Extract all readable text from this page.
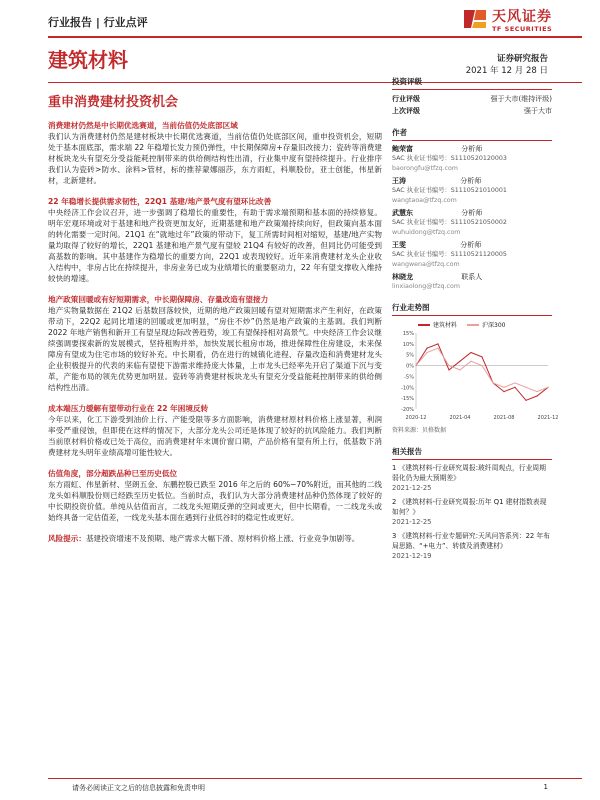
行业报告 | 行业点评	天风证券
TF SECURITIES
建筑材料	证券研究报告
2021 年 12 月 28 日
重申消费建材投资机会
消费建材仍然是中长期优选赛道，当前估值仍处底部区域
我们认为消费建材仍然是建材板块中长期优选赛道，当前估值仍处底部区间，重申投资机会，短期处于基本面底部，需求端 22 年稳增长发力预仍弹性，中长期保障房+存量旧改接力；瓷砖等消费建材板块龙头有望充分受益能耗控制带来的供给侧结构性出清，行业集中度有望持续提升。行业排序我们认为瓷砖>防水、涂料>管材，标的推荐蒙娜丽莎，东方雨虹，科顺股份，亚士创能，伟星新材，北新建材。
22 年稳增长提供需求韧性，22Q1 基建/地产景气度有望环比改善
中央经济工作会议召开，进一步强调了稳增长的重要性，有助于需求端预期和基本面的持续修复。明年宏观环境或对于基建和地产投资更加友好，近期基建和地产政策端持续向好，但政策向基本面的转化需要一定时间。21Q1 在“就地过年”政策的带动下，复工所需时间相对缩短，基建/地产实物量均取得了较好的增长，22Q1 基建和地产景气度有望较 21Q4 有较好的改善，但同比仍可能受到高基数的影响。其中基建作为稳增长的重要方向，22Q1 或表现较好。近年来消费建材龙头企业收入结构中，非房占比在持续提升，非房业务已成为业绩增长的重要驱动力，22 年有望支撑收入维持较快的增速。
地产政策回暖或有好短期需求，中长期保障房、存量改造有望接力
地产实物量数据在 21Q2 后基数回落较快，近期的地产政策回暖有望对短期需求产生利好，在政策带动下，22Q2 起同比增速的回暖或更加明显，“房住不炒”仍然是地产政策的主基调。我们判断 2022 年地产销售和新开工有望呈现边际改善趋势，竣工有望保持相对高景气。中央经济工作会议继续强调要探索新的发展模式，坚持租购并举，加快发展长租房市场，推进保障性住房建设，未来保障房有望成为住宅市场的较好补充。中长期看，仍在进行的城镇化进程、存量改造和消费建材龙头企业积极提升的代表的来临有望使下游需求维持庞大体量，上市龙头已经率先开启了渠道下沉与变革，产能布局的领先优势更加明显。瓷砖等消费建材板块龙头有望充分受益能耗控制带来的供给侧结构性出清。
成本端压力缓解有望带动行业在 22 年困境反转
今年以来，化工下游受到油价上行、产能受限等多方面影响，消费建材原材料价格上涨显著，利润率受严重侵蚀，但即使在这样的情况下，大部分龙头公司还是体现了较好的抗风险能力。我们判断当前原材料价格或已处于高位，而消费建材年末调价窗口期，产品价格有望有所上行，低基数下消费建材龙头明年业绩高增可能性较大。
估值角度，部分超跌品种已至历史低位
东方雨虹、伟星新材、坚朗五金、东鹏控股已跌至 2016 年之后的 60%~70%附近，而其他的二线龙头如科顺股份则已经跌至历史低位。当前时点，我们认为大部分消费建材品种仍然体现了较好的中长期投资价值。单纯从估值而言，二线龙头短期反弹的空间或更大，但中长期看，一二线龙头或始终具备一定估值差，一线龙头基本面在遇到行业低谷时的稳定性或更好。
风险提示：基建投资增速不及预期、地产需求大幅下滑、原材料价格上涨、行业竞争加剧等。
投资评级
行业评级	强于大市(维持评级)
上次评级	强于大市
作者
鲍荣富	分析师
SAC 执业证书编号：S1110520120003
baorongfu@tfzq.com
王涛	分析师
SAC 执业证书编号：S1110521010001
wangtaoa@tfzq.com
武慧东	分析师
SAC 执业证书编号：S1110521050002
wuhuidong@tfzq.com
王雯	分析师
SAC 执业证书编号：S1110521120005
wangwena@tfzq.com
林晓龙	联系人
linxiaolong@tfzq.com
行业走势图
建筑材料	沪深300
15%
10%
5%
0%
-5%
-10%
-15%
-20%
2020-12	2021-04	2021-08	2021-12
资料来源：贝格数据
相关报告
1 《建筑材料-行业研究周报:玻纤周观点，行业周期弱化仍为最大预期差》
2021-12-25
2 《建筑材料-行业研究周报:历年 Q1 建材指数表现如何？》
2021-12-25
3 《建筑材料-行业专题研究:天风问答系列：22 年布局思路、“+电力”、转债及消费建材》
2021-12-19
请务必阅读正文之后的信息披露和免责申明	1
